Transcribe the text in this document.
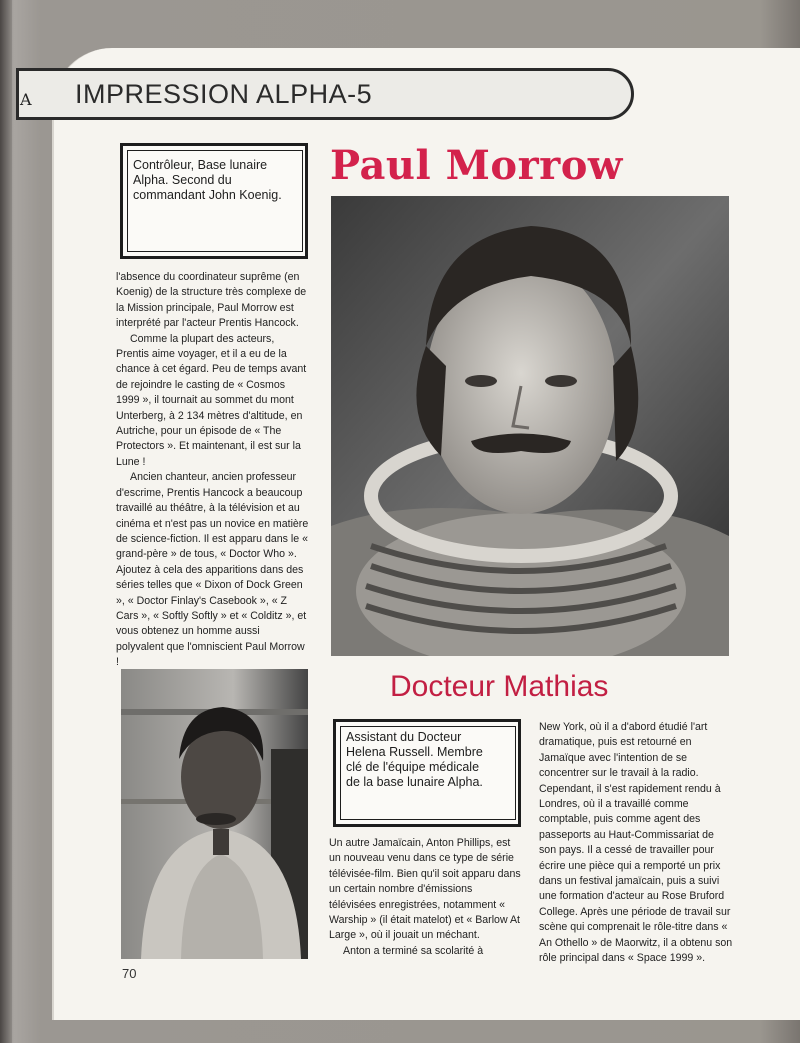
IMPRESSION ALPHA-5
A
Contrôleur, Base lunaire Alpha. Second du commandant John Koenig.
Paul Morrow

l'absence du coordinateur suprême (en Koenig) de la structure très complexe de la Mission principale, Paul Morrow est interprété par l'acteur Prentis Hancock.

Comme la plupart des acteurs, Prentis aime voyager, et il a eu de la chance à cet égard. Peu de temps avant de rejoindre le casting de « Cosmos 1999 », il tournait au sommet du mont Unterberg, à 2 134 mètres d'altitude, en Autriche, pour un épisode de « The Protectors ». Et maintenant, il est sur la Lune !

Ancien chanteur, ancien professeur d'escrime, Prentis Hancock a beaucoup travaillé au théâtre, à la télévision et au cinéma et n'est pas un novice en matière de science-fiction. Il est apparu dans le « grand-père » de tous, « Doctor Who ». Ajoutez à cela des apparitions dans des séries telles que « Dixon of Dock Green », « Doctor Finlay's Casebook », « Z Cars », « Softly Softly » et « Colditz », et vous obtenez un homme aussi polyvalent que l'omniscient Paul Morrow !

Docteur Mathias
Assistant du Docteur Helena Russell. Membre clé de l'équipe médicale de la base lunaire Alpha.

Un autre Jamaïcain, Anton Phillips, est un nouveau venu dans ce type de série télévisée-film. Bien qu'il soit apparu dans un certain nombre d'émissions télévisées enregistrées, notamment « Warship » (il était matelot) et « Barlow At Large », où il jouait un méchant.

Anton a terminé sa scolarité à

New York, où il a d'abord étudié l'art dramatique, puis est retourné en Jamaïque avec l'intention de se concentrer sur le travail à la radio. Cependant, il s'est rapidement rendu à Londres, où il a travaillé comme comptable, puis comme agent des passeports au Haut-Commissariat de son pays. Il a cessé de travailler pour écrire une pièce qui a remporté un prix dans un festival jamaïcain, puis a suivi une formation d'acteur au Rose Bruford College. Après une période de travail sur scène qui comprenait le rôle-titre dans « An Othello » de Maorwitz, il a obtenu son rôle principal dans « Space 1999 ».

70
